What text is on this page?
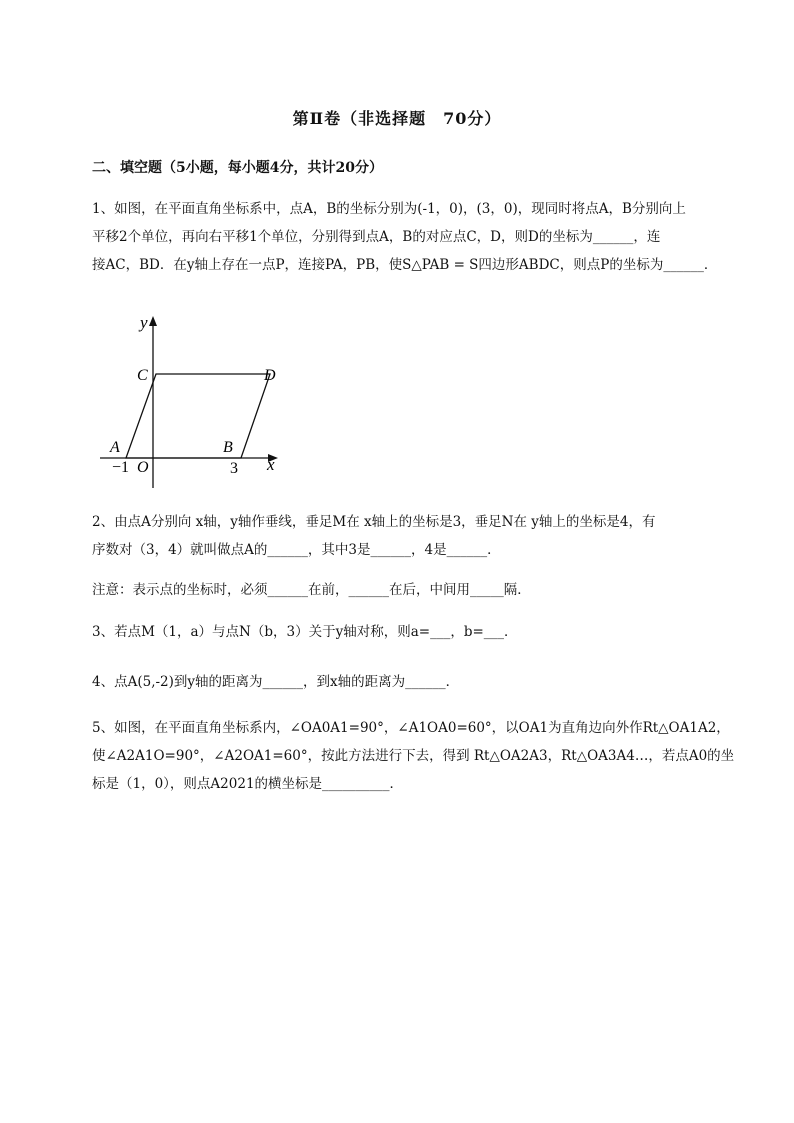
第Ⅱ卷（非选择题　70分）
二、填空题（5小题，每小题4分，共计20分）
1、如图，在平面直角坐标系中，点A，B的坐标分别为(-1，0)，(3，0)，现同时将点A，B分别向上
平移2个单位，再向右平移1个单位，分别得到点A，B的对应点C，D，则D的坐标为______，连
接AC，BD．在y轴上存在一点P，连接PA，PB，使S△PAB = S四边形ABDC，则点P的坐标为______．
y
x
C	D
A	B
O
−1	3
2、由点A分别向 x轴，y轴作垂线，垂足M在 x轴上的坐标是3，垂足N在 y轴上的坐标是4，有
序数对（3，4）就叫做点A的______，其中3是______，4是______．
注意：表示点的坐标时，必须______在前，______在后，中间用_____隔．
3、若点M（1，a）与点N（b，3）关于y轴对称，则a=___，b=___．
4、点A(5,-2)到y轴的距离为______，到x轴的距离为______．
5、如图，在平面直角坐标系内，∠OA0A1=90°，∠A1OA0=60°，以OA1为直角边向外作Rt△OA1A2，
使∠A2A1O=90°，∠A2OA1=60°，按此方法进行下去，得到 Rt△OA2A3，Rt△OA3A4…，若点A0的坐
标是（1，0），则点A2021的横坐标是__________．
